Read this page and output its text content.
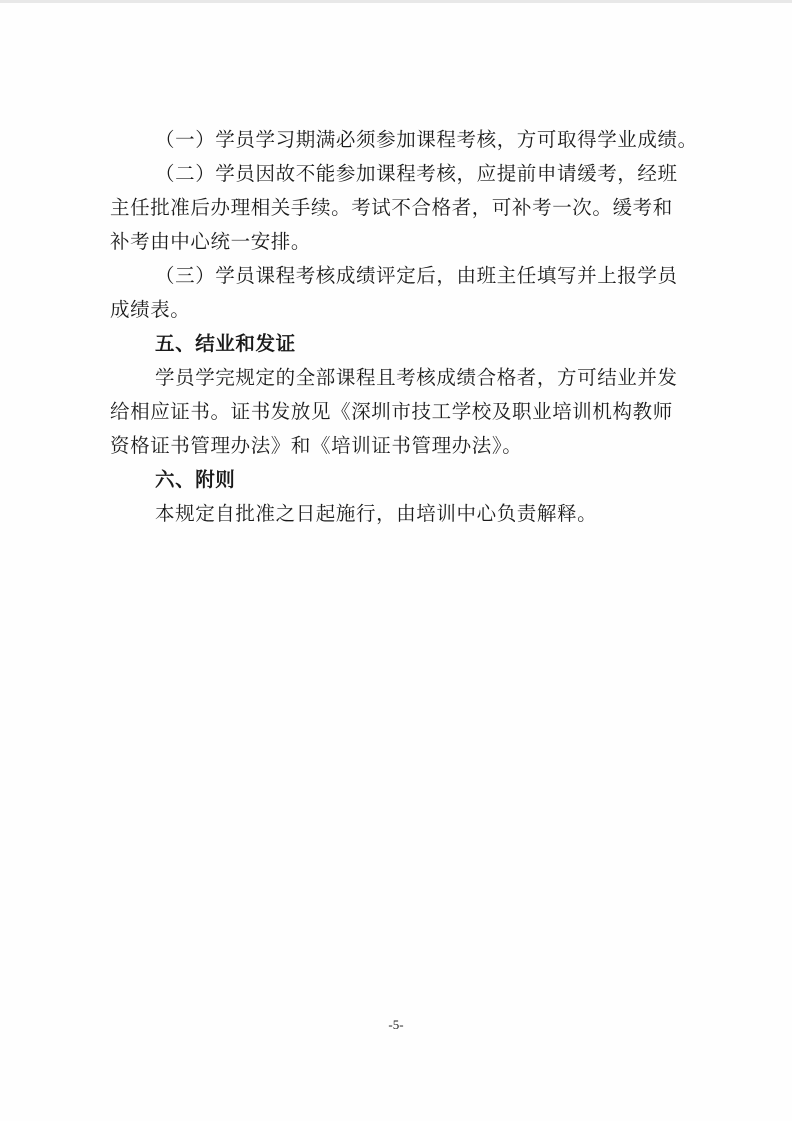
（一）学员学习期满必须参加课程考核，方可取得学业成绩。
（二）学员因故不能参加课程考核，应提前申请缓考，经班
主任批准后办理相关手续。考试不合格者，可补考一次。缓考和
补考由中心统一安排。
（三）学员课程考核成绩评定后，由班主任填写并上报学员
成绩表。
五、结业和发证
学员学完规定的全部课程且考核成绩合格者，方可结业并发
给相应证书。证书发放见《深圳市技工学校及职业培训机构教师
资格证书管理办法》和《培训证书管理办法》。
六、附则
本规定自批准之日起施行，由培训中心负责解释。
-5-
